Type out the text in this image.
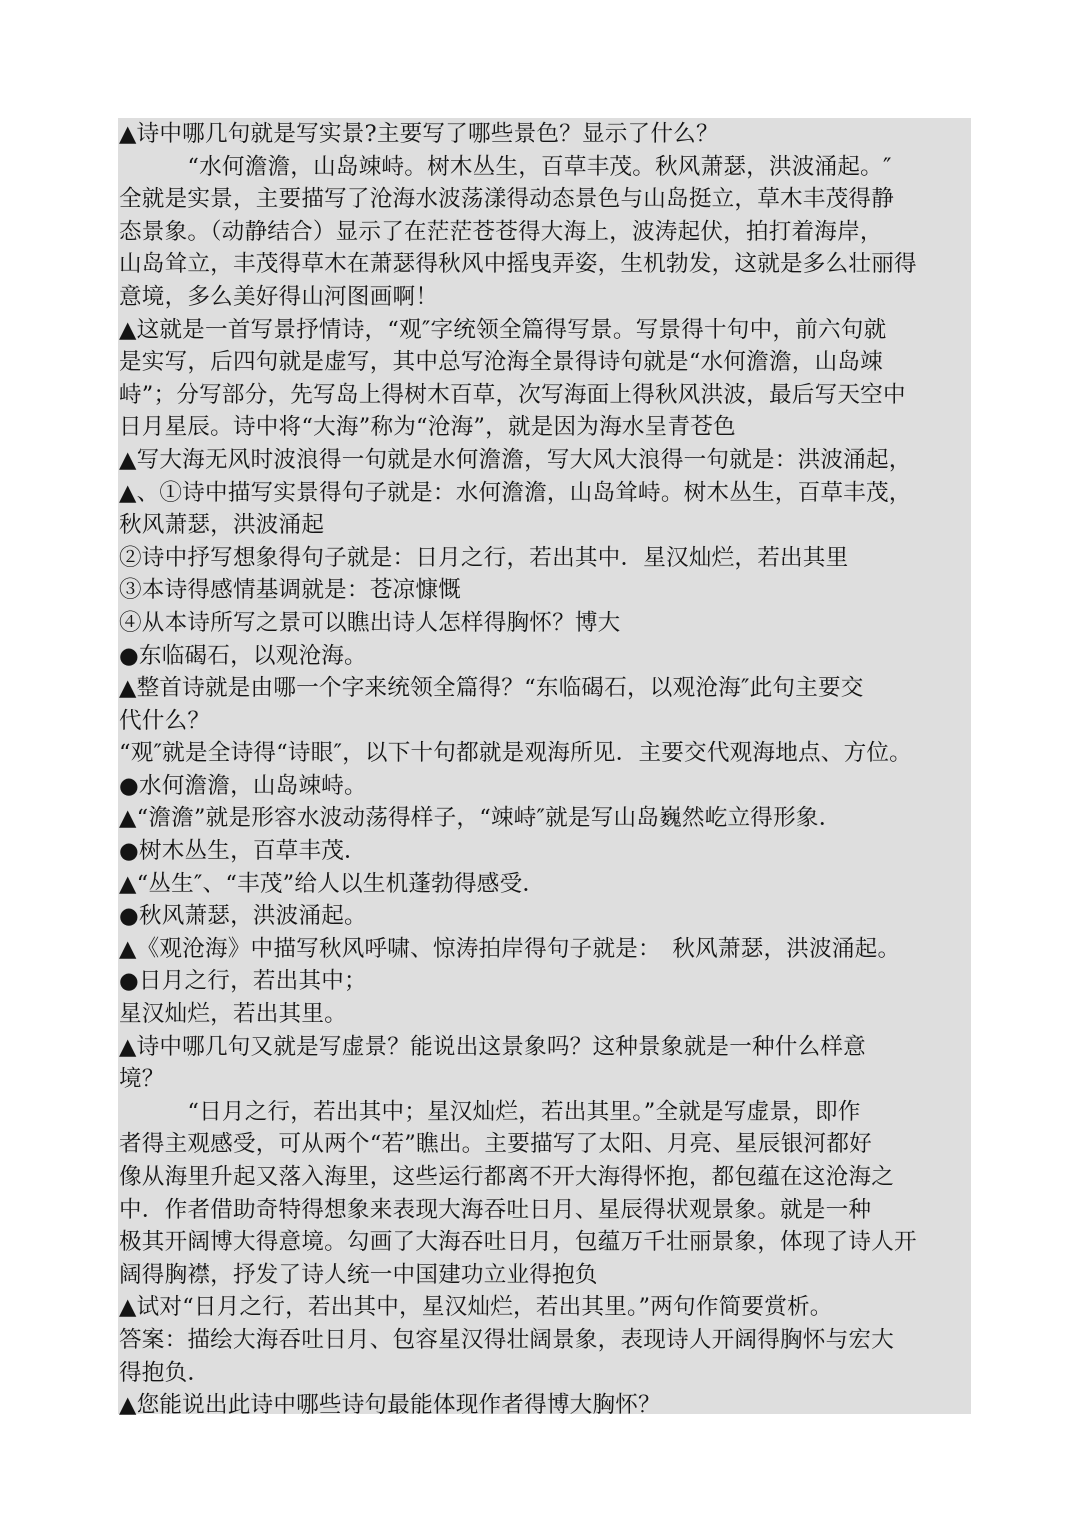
▲诗中哪几句就是写实景?主要写了哪些景色？显示了什么？
　　　“水何澹澹，山岛竦峙。树木丛生，百草丰茂。秋风萧瑟，洪波涌起。″
全就是实景，主要描写了沧海水波荡漾得动态景色与山岛挺立，草木丰茂得静
态景象。（动静结合）显示了在茫茫苍苍得大海上，波涛起伏，拍打着海岸，
山岛耸立，丰茂得草木在萧瑟得秋风中摇曳弄姿，生机勃发，这就是多么壮丽得
意境，多么美好得山河图画啊！
▲这就是一首写景抒情诗，“观″字统领全篇得写景。写景得十句中，前六句就
是实写，后四句就是虚写，其中总写沧海全景得诗句就是“水何澹澹，山岛竦
峙”；分写部分，先写岛上得树木百草，次写海面上得秋风洪波，最后写天空中
日月星辰。诗中将“大海”称为“沧海”，就是因为海水呈青苍色
▲写大海无风时波浪得一句就是水何澹澹，写大风大浪得一句就是：洪波涌起，
▲、①诗中描写实景得句子就是：水何澹澹，山岛耸峙。树木丛生，百草丰茂，
秋风萧瑟，洪波涌起
②诗中抒写想象得句子就是：日月之行，若出其中．星汉灿烂，若出其里
③本诗得感情基调就是：苍凉慷慨
④从本诗所写之景可以瞧出诗人怎样得胸怀？博大
●东临碣石，以观沧海。
▲整首诗就是由哪一个字来统领全篇得？“东临碣石，以观沧海″此句主要交
代什么？
“观″就是全诗得“诗眼″，以下十句都就是观海所见．主要交代观海地点、方位。
●水何澹澹，山岛竦峙。
▲“澹澹”就是形容水波动荡得样子，“竦峙″就是写山岛巍然屹立得形象．
●树木丛生，百草丰茂．
▲“丛生″、“丰茂”给人以生机蓬勃得感受．
●秋风萧瑟，洪波涌起。
▲《观沧海》中描写秋风呼啸、惊涛拍岸得句子就是：　秋风萧瑟，洪波涌起。
●日月之行，若出其中；
星汉灿烂，若出其里。
▲诗中哪几句又就是写虚景？能说出这景象吗？这种景象就是一种什么样意
境？
　　　“日月之行，若出其中；星汉灿烂，若出其里。”全就是写虚景，即作
者得主观感受，可从两个“若”瞧出。主要描写了太阳、月亮、星辰银河都好
像从海里升起又落入海里，这些运行都离不开大海得怀抱，都包蕴在这沧海之
中．作者借助奇特得想象来表现大海吞吐日月、星辰得状观景象。就是一种
极其开阔博大得意境。勾画了大海吞吐日月，包蕴万千壮丽景象，体现了诗人开
阔得胸襟，抒发了诗人统一中国建功立业得抱负
▲试对“日月之行，若出其中，星汉灿烂，若出其里。”两句作简要赏析。
答案：描绘大海吞吐日月、包容星汉得壮阔景象，表现诗人开阔得胸怀与宏大
得抱负．
▲您能说出此诗中哪些诗句最能体现作者得博大胸怀？
